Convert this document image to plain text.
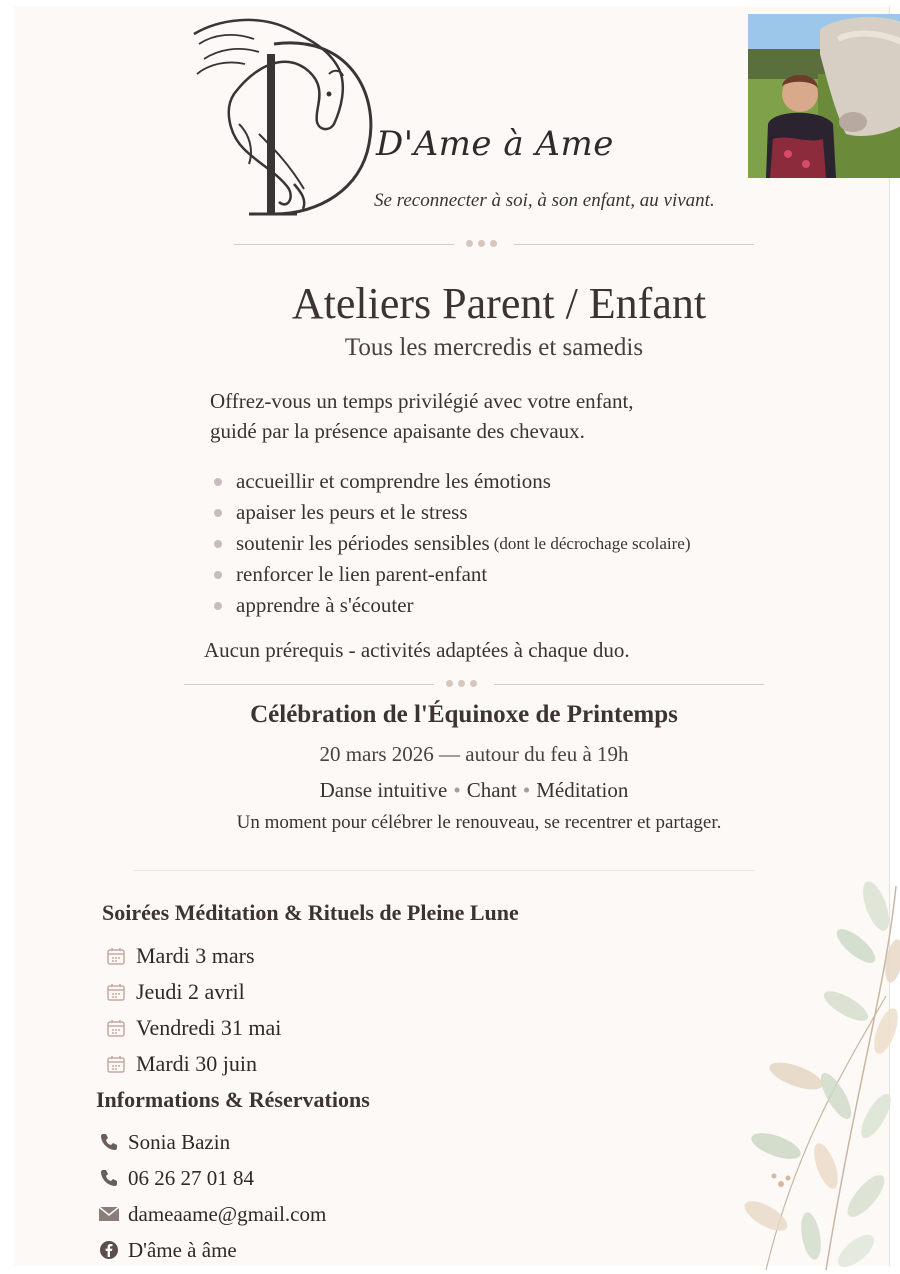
D'Ame à Ame
Se reconnecter à soi, à son enfant, au vivant.
Ateliers Parent / Enfant
Tous les mercredis et samedis
Offrez-vous un temps privilégié avec votre enfant,
guidé par la présence apaisante des chevaux.
accueillir et comprendre les émotions
apaiser les peurs et le stress
soutenir les périodes sensibles (dont le décrochage scolaire)
renforcer le lien parent-enfant
apprendre à s'écouter
Aucun prérequis - activités adaptées à chaque duo.
Célébration de l'Équinoxe de Printemps
20 mars 2026 — autour du feu à 19h
Danse intuitive • Chant • Méditation
Un moment pour célébrer le renouveau, se recentrer et partager.
Soirées Méditation & Rituels de Pleine Lune
Mardi 3 mars
Jeudi 2 avril
Vendredi 31 mai
Mardi 30 juin
Informations & Réservations
Sonia Bazin
06 26 27 01 84
dameaame@gmail.com
D'âme à âme
